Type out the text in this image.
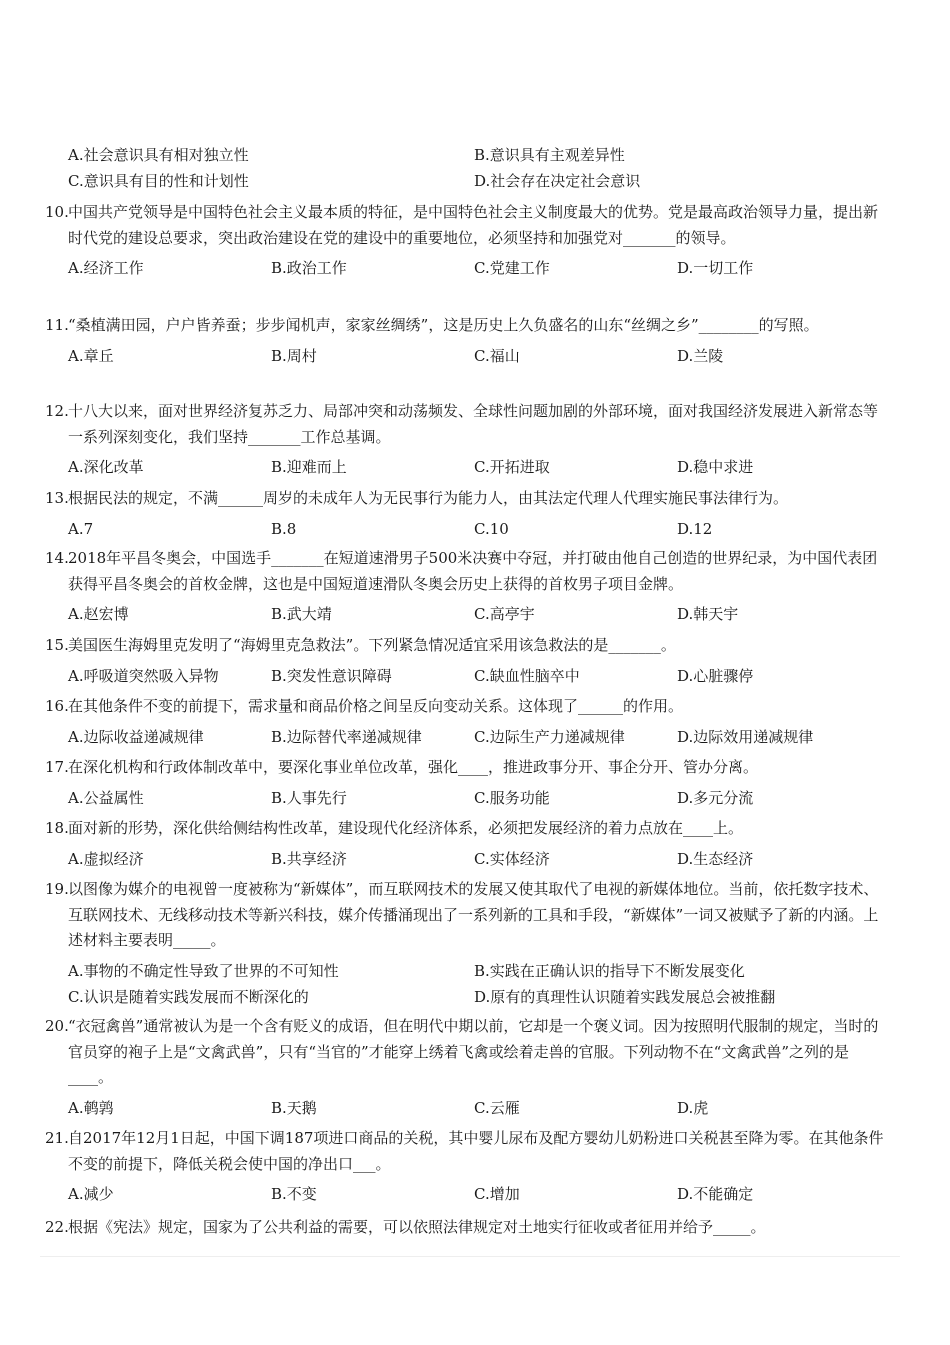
A.社会意识具有相对独立性	B.意识具有主观差异性
C.意识具有目的性和计划性	D.社会存在决定社会意识

10. 中国共产党领导是中国特色社会主义最本质的特征，是中国特色社会主义制度最大的优势。党是最高政治领导力量，提出新时代党的建设总要求，突出政治建设在党的建设中的重要地位，必须坚持和加强党对_______的领导。

A.经济工作	B.政治工作	C.党建工作	D.一切工作

11. “桑植满田园，户户皆养蚕；步步闻机声，家家丝绸绣”，这是历史上久负盛名的山东“丝绸之乡”________的写照。

A.章丘	B.周村	C.福山	D.兰陵

12. 十八大以来，面对世界经济复苏乏力、局部冲突和动荡频发、全球性问题加剧的外部环境，面对我国经济发展进入新常态等一系列深刻变化，我们坚持_______工作总基调。

A.深化改革	B.迎难而上	C.开拓进取	D.稳中求进

13. 根据民法的规定，不满______周岁的未成年人为无民事行为能力人，由其法定代理人代理实施民事法律行为。

A.7	B.8	C.10	D.12

14. 2018年平昌冬奥会，中国选手_______在短道速滑男子500米决赛中夺冠，并打破由他自己创造的世界纪录，为中国代表团获得平昌冬奥会的首枚金牌，这也是中国短道速滑队冬奥会历史上获得的首枚男子项目金牌。

A.赵宏博	B.武大靖	C.高亭宇	D.韩天宇

15. 美国医生海姆里克发明了“海姆里克急救法”。下列紧急情况适宜采用该急救法的是_______。

A.呼吸道突然吸入异物	B.突发性意识障碍	C.缺血性脑卒中	D.心脏骤停

16. 在其他条件不变的前提下，需求量和商品价格之间呈反向变动关系。这体现了______的作用。

A.边际收益递减规律	B.边际替代率递减规律	C.边际生产力递减规律	D.边际效用递减规律

17. 在深化机构和行政体制改革中，要深化事业单位改革，强化____，推进政事分开、事企分开、管办分离。

A.公益属性	B.人事先行	C.服务功能	D.多元分流

18. 面对新的形势，深化供给侧结构性改革，建设现代化经济体系，必须把发展经济的着力点放在____上。

A.虚拟经济	B.共享经济	C.实体经济	D.生态经济

19. 以图像为媒介的电视曾一度被称为“新媒体”，而互联网技术的发展又使其取代了电视的新媒体地位。当前，依托数字技术、互联网技术、无线移动技术等新兴科技，媒介传播涌现出了一系列新的工具和手段，“新媒体”一词又被赋予了新的内涵。上述材料主要表明_____。

A.事物的不确定性导致了世界的不可知性	B.实践在正确认识的指导下不断发展变化
C.认识是随着实践发展而不断深化的	D.原有的真理性认识随着实践发展总会被推翻

20. “衣冠禽兽”通常被认为是一个含有贬义的成语，但在明代中期以前，它却是一个褒义词。因为按照明代服制的规定，当时的官员穿的袍子上是“文禽武兽”，只有“当官的”才能穿上绣着飞禽或绘着走兽的官服。下列动物不在“文禽武兽”之列的是____。

A.鹌鹑	B.天鹅	C.云雁	D.虎

21. 自2017年12月1日起，中国下调187项进口商品的关税，其中婴儿尿布及配方婴幼儿奶粉进口关税甚至降为零。在其他条件不变的前提下，降低关税会使中国的净出口___。

A.减少	B.不变	C.增加	D.不能确定

22. 根据《宪法》规定，国家为了公共利益的需要，可以依照法律规定对土地实行征收或者征用并给予_____。
